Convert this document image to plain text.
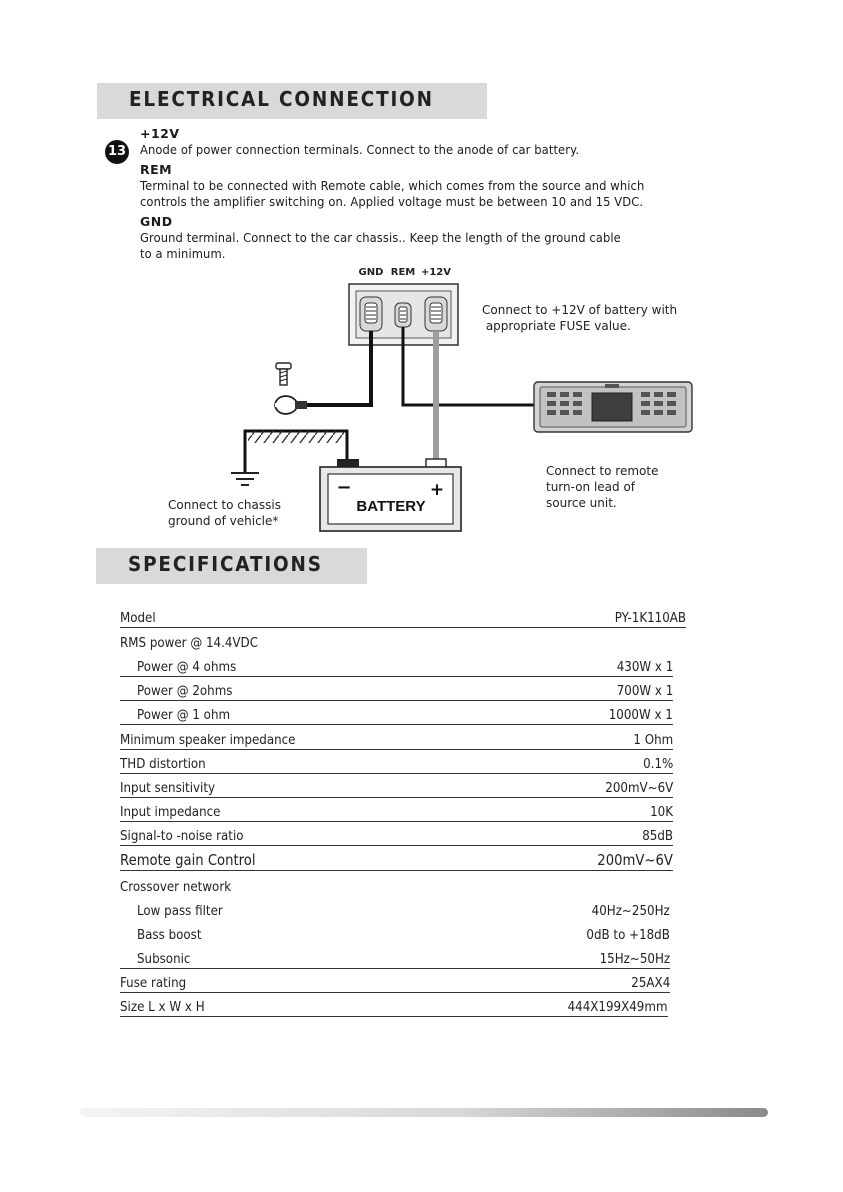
ELECTRICAL CONNECTION
13
+12V
Anode of power connection terminals. Connect to the anode of car battery.
REM
Terminal to be connected with Remote cable, which comes from the source and which
controls the amplifier switching on. Applied voltage must be between 10 and 15 VDC.
GND
Ground terminal. Connect to the car chassis.. Keep the length of the ground cable
to a minimum.
GND REM +12V
−	+
BATTERY
Connect to +12V of battery with
appropriate FUSE value.
Connect to remote
turn-on lead of
source unit.
Connect to chassis
ground of vehicle*
SPECIFICATIONS
Model	PY-1K110AB
RMS power @ 14.4VDC
Power @ 4 ohms	430W x 1
Power @ 2ohms	700W x 1
Power @ 1 ohm	1000W x 1
Minimum speaker impedance	1 Ohm
THD distortion	0.1%
Input sensitivity	200mV~6V
Input impedance	10K
Signal-to -noise ratio	85dB
Remote gain Control	200mV~6V
Crossover network
Low pass filter	40Hz~250Hz
Bass boost	0dB to +18dB
Subsonic	15Hz~50Hz
Fuse rating	25AX4
Size L x W x H	444X199X49mm
